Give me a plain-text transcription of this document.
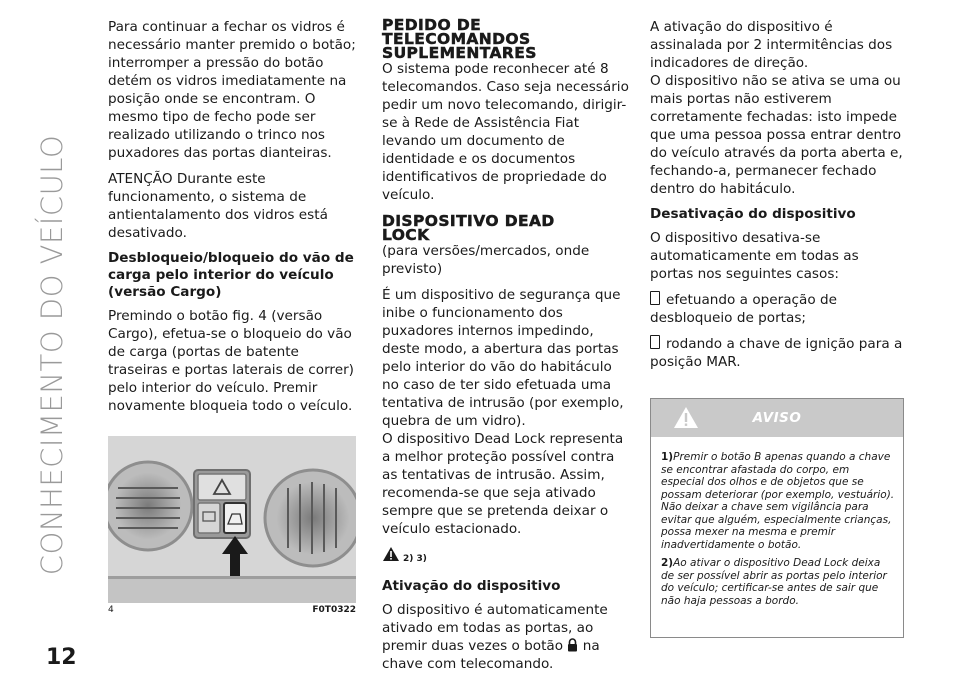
CONHECIMENTO DO VEÍCULO
12

Para continuar a fechar os vidros é necessário manter premido o botão; interromper a pressão do botão detém os vidros imediatamente na posição onde se encontram. O mesmo tipo de fecho pode ser realizado utilizando o trinco nos puxadores das portas dianteiras.

ATENÇÃO Durante este funcionamento, o sistema de antientalamento dos vidros está desativado.

Desbloqueio/bloqueio do vão de carga pelo interior do veículo (versão Cargo)

Premindo o botão fig. 4 (versão Cargo), efetua-se o bloqueio do vão de carga (portas de batente traseiras e portas laterais de correr) pelo interior do veículo. Premir novamente bloqueia todo o veículo.

4	F0T0322
PEDIDO DE
TELECOMANDOS
SUPLEMENTARES

O sistema pode reconhecer até 8 telecomandos. Caso seja necessário pedir um novo telecomando, dirigir-se à Rede de Assistência Fiat levando um documento de identidade e os documentos identificativos de propriedade do veículo.

DISPOSITIVO DEAD
LOCK

(para versões/mercados, onde previsto)

É um dispositivo de segurança que inibe o funcionamento dos puxadores internos impedindo, deste modo, a abertura das portas pelo interior do vão do habitáculo no caso de ter sido efetuada uma tentativa de intrusão (por exemplo, quebra de um vidro).

O dispositivo Dead Lock representa a melhor proteção possível contra as tentativas de intrusão. Assim, recomenda-se que seja ativado sempre que se pretenda deixar o veículo estacionado.

2) 3)
Ativação do dispositivo

O dispositivo é automaticamente ativado em todas as portas, ao premir duas vezes o botão na chave com telecomando.

A ativação do dispositivo é assinalada por 2 intermitências dos indicadores de direção.

O dispositivo não se ativa se uma ou mais portas não estiverem corretamente fechadas: isto impede que uma pessoa possa entrar dentro do veículo através da porta aberta e, fechando-a, permanecer fechado dentro do habitáculo.

Desativação do dispositivo

O dispositivo desativa-se automaticamente em todas as portas nos seguintes casos:

efetuando a operação de desbloqueio de portas;
rodando a chave de ignição para a posição MAR.
AVISO

1)Premir o botão B apenas quando a chave se encontrar afastada do corpo, em especial dos olhos e de objetos que se possam deteriorar (por exemplo, vestuário). Não deixar a chave sem vigilância para evitar que alguém, especialmente crianças, possa mexer na mesma e premir inadvertidamente o botão.

2)Ao ativar o dispositivo Dead Lock deixa de ser possível abrir as portas pelo interior do veículo; certificar-se antes de sair que não haja pessoas a bordo.
